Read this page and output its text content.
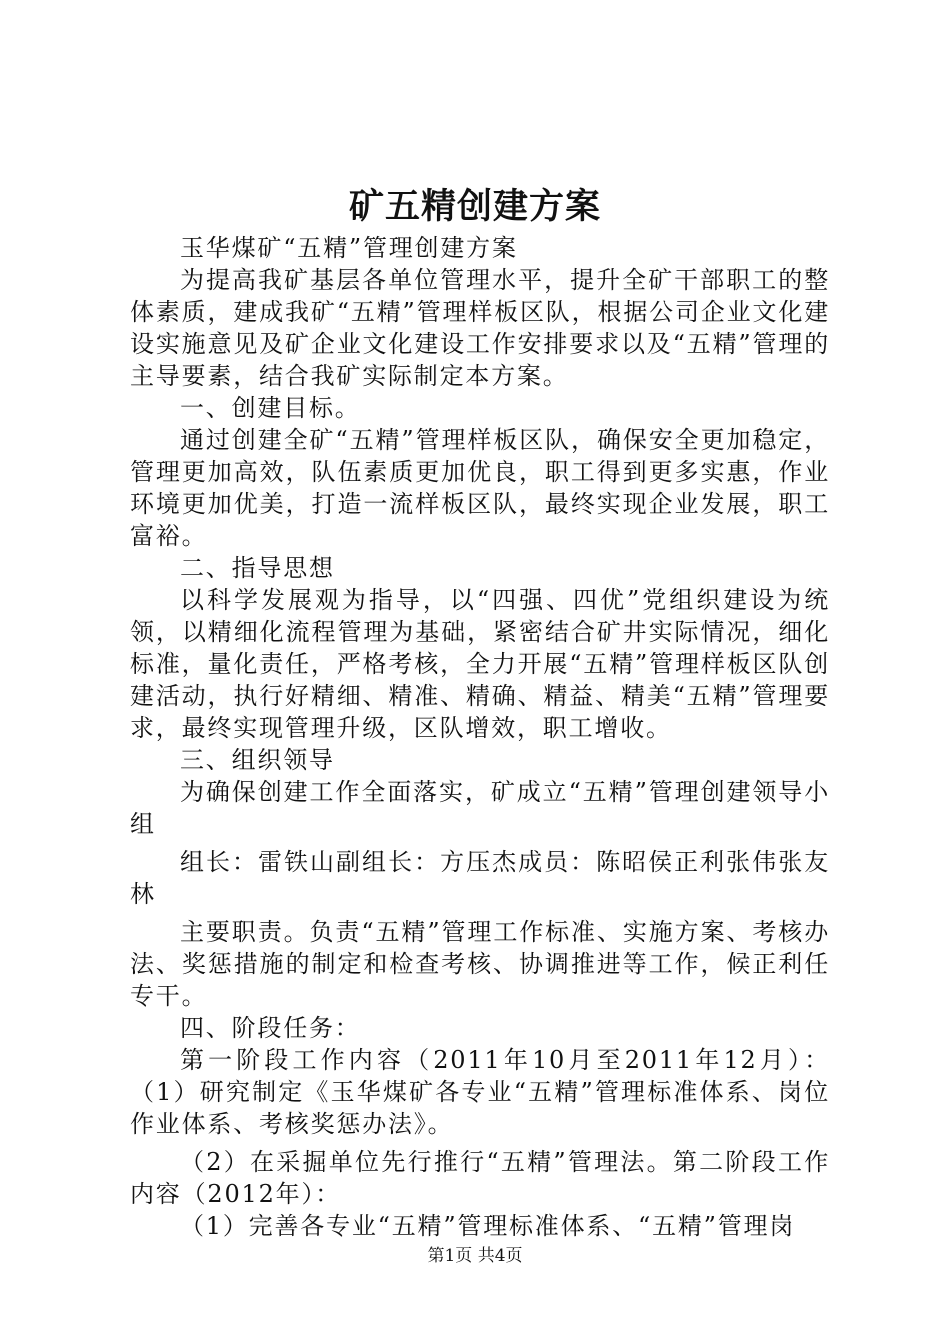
矿五精创建方案

玉华煤矿“五精”管理创建方案

为提高我矿基层各单位管理水平，提升全矿干部职工的整体素质，建成我矿“五精”管理样板区队，根据公司企业文化建设实施意见及矿企业文化建设工作安排要求以及“五精”管理的主导要素，结合我矿实际制定本方案。

一、创建目标。

通过创建全矿“五精”管理样板区队，确保安全更加稳定，管理更加高效，队伍素质更加优良，职工得到更多实惠，作业环境更加优美，打造一流样板区队，最终实现企业发展，职工富裕。

二、指导思想

以科学发展观为指导，以“四强、四优”党组织建设为统领，以精细化流程管理为基础，紧密结合矿井实际情况，细化标准，量化责任，严格考核，全力开展“五精”管理样板区队创建活动，执行好精细、精准、精确、精益、精美“五精”管理要求，最终实现管理升级，区队增效，职工增收。

三、组织领导

为确保创建工作全面落实，矿成立“五精”管理创建领导小组

组长：雷铁山副组长：方压杰成员：陈昭侯正利张伟张友林

主要职责。负责“五精”管理工作标准、实施方案、考核办法、奖惩措施的制定和检查考核、协调推进等工作，候正利任专干。

四、阶段任务：

第一阶段工作内容（2011年10月至2011年12月）：（1）研究制定《玉华煤矿各专业“五精”管理标准体系、岗位作业体系、考核奖惩办法》。

（2）在采掘单位先行推行“五精”管理法。第二阶段工作内容（2012年）：

（1）完善各专业“五精”管理标准体系、“五精”管理岗

第1页 共4页
